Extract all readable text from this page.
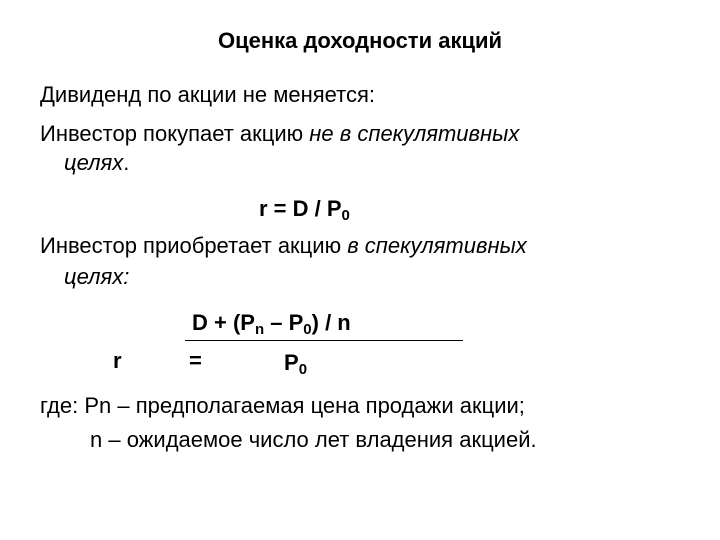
Оценка доходности акций
Дивиденд по акции не меняется:
Инвестор покупает акцию не в спекулятивных
целях.
$r = D / P_0$
Инвестор приобретает акцию в спекулятивных
целях:
$D + (P_n - P_0) / n$
r	=	$P_0$
где: Pn – предполагаемая цена продажи акции;
n – ожидаемое число лет владения акцией.
